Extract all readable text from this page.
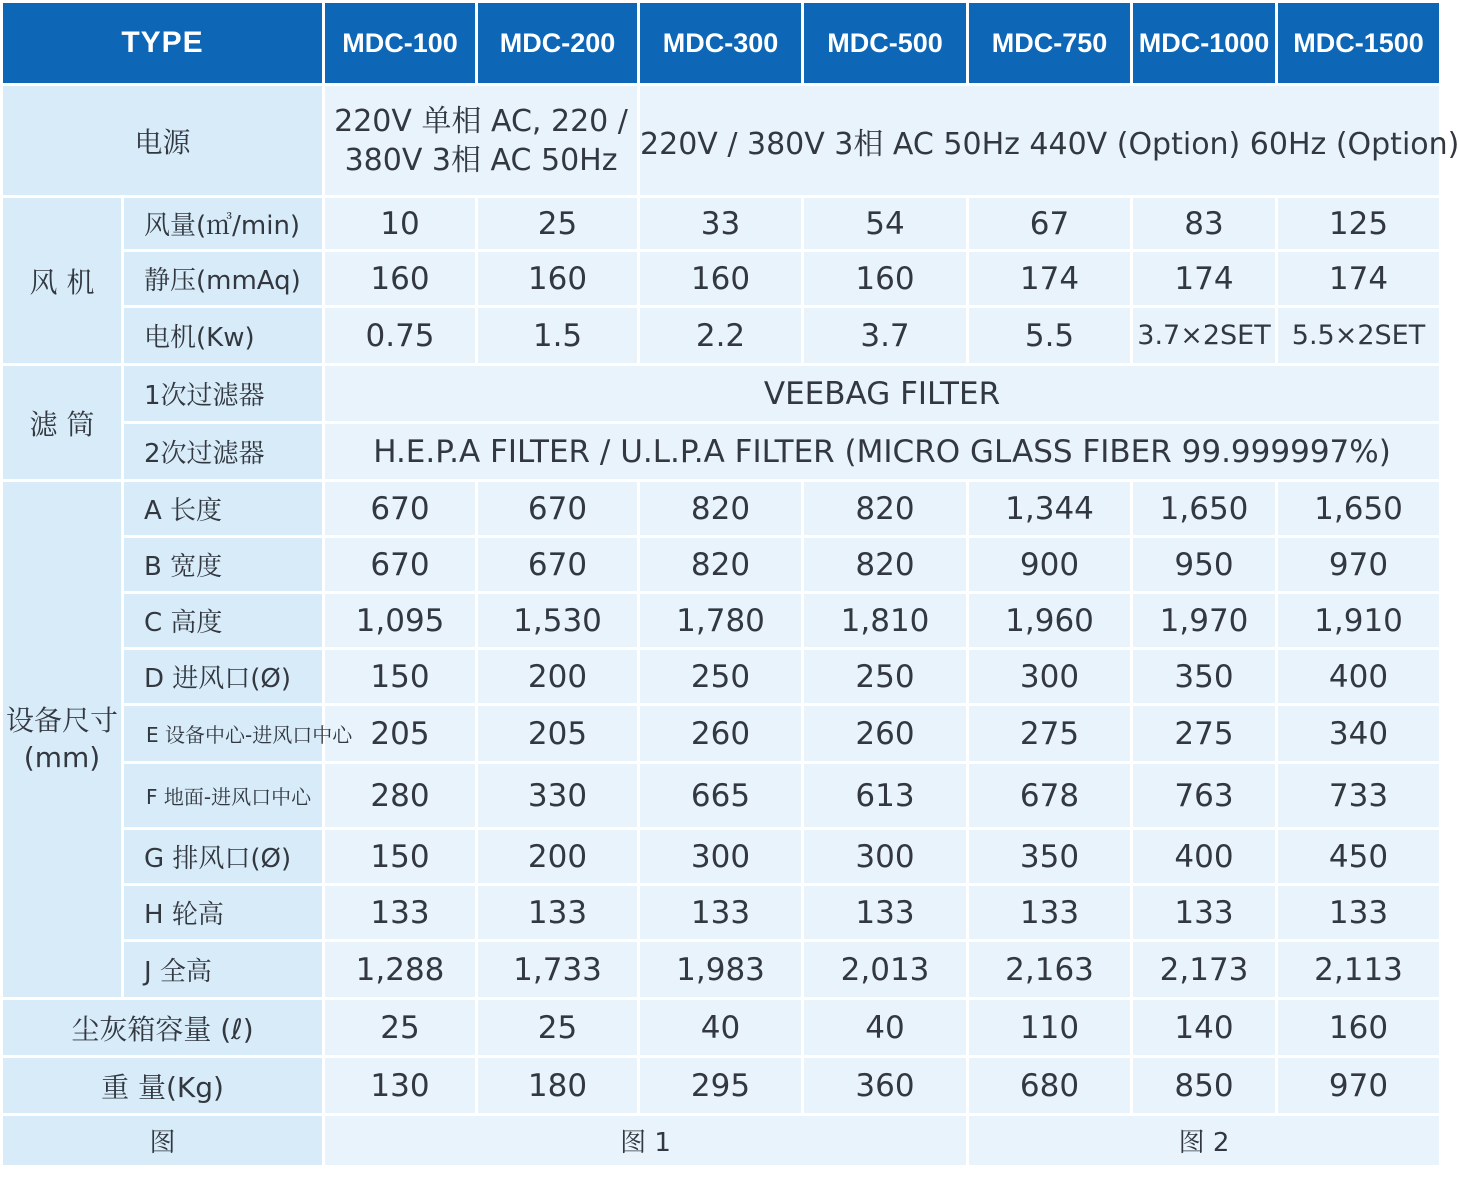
TYPE		MDC-100	MDC-200	MDC-300	MDC-500	MDC-750	MDC-1000	MDC-1500
电源		220V 单相 AC, 220 / 380V 3相 AC 50Hz		220V / 380V 3相 AC 50Hz 440V (Option) 60Hz (Option)				
风 机	风量(㎥/min)	10	25	33	54	67	83	125
	静压(mmAq)	160	160	160	160	174	174	174
	电机(Kw)	0.75	1.5	2.2	3.7	5.5	3.7×2SET	5.5×2SET
滤 筒	1次过滤器	VEEBAG FILTER						
	2次过滤器	H.E.P.A FILTER / U.L.P.A FILTER (MICRO GLASS FIBER 99.999997%)						
设备尺寸 (mm)	A 长度	670	670	820	820	1,344	1,650	1,650
	B 宽度	670	670	820	820	900	950	970
	C 高度	1,095	1,530	1,780	1,810	1,960	1,970	1,910
	D 进风口(Ø)	150	200	250	250	300	350	400
	E 设备中心-进风口中心	205	205	260	260	275	275	340
	F 地面-进风口中心	280	330	665	613	678	763	733
	G 排风口(Ø)	150	200	300	300	350	400	450
	H 轮高	133	133	133	133	133	133	133
	J 全高	1,288	1,733	1,983	2,013	2,163	2,173	2,113
尘灰箱容量 (ℓ)		25	25	40	40	110	140	160
重 量(Kg)		130	180	295	360	680	850	970
图		图 1				图 2		
